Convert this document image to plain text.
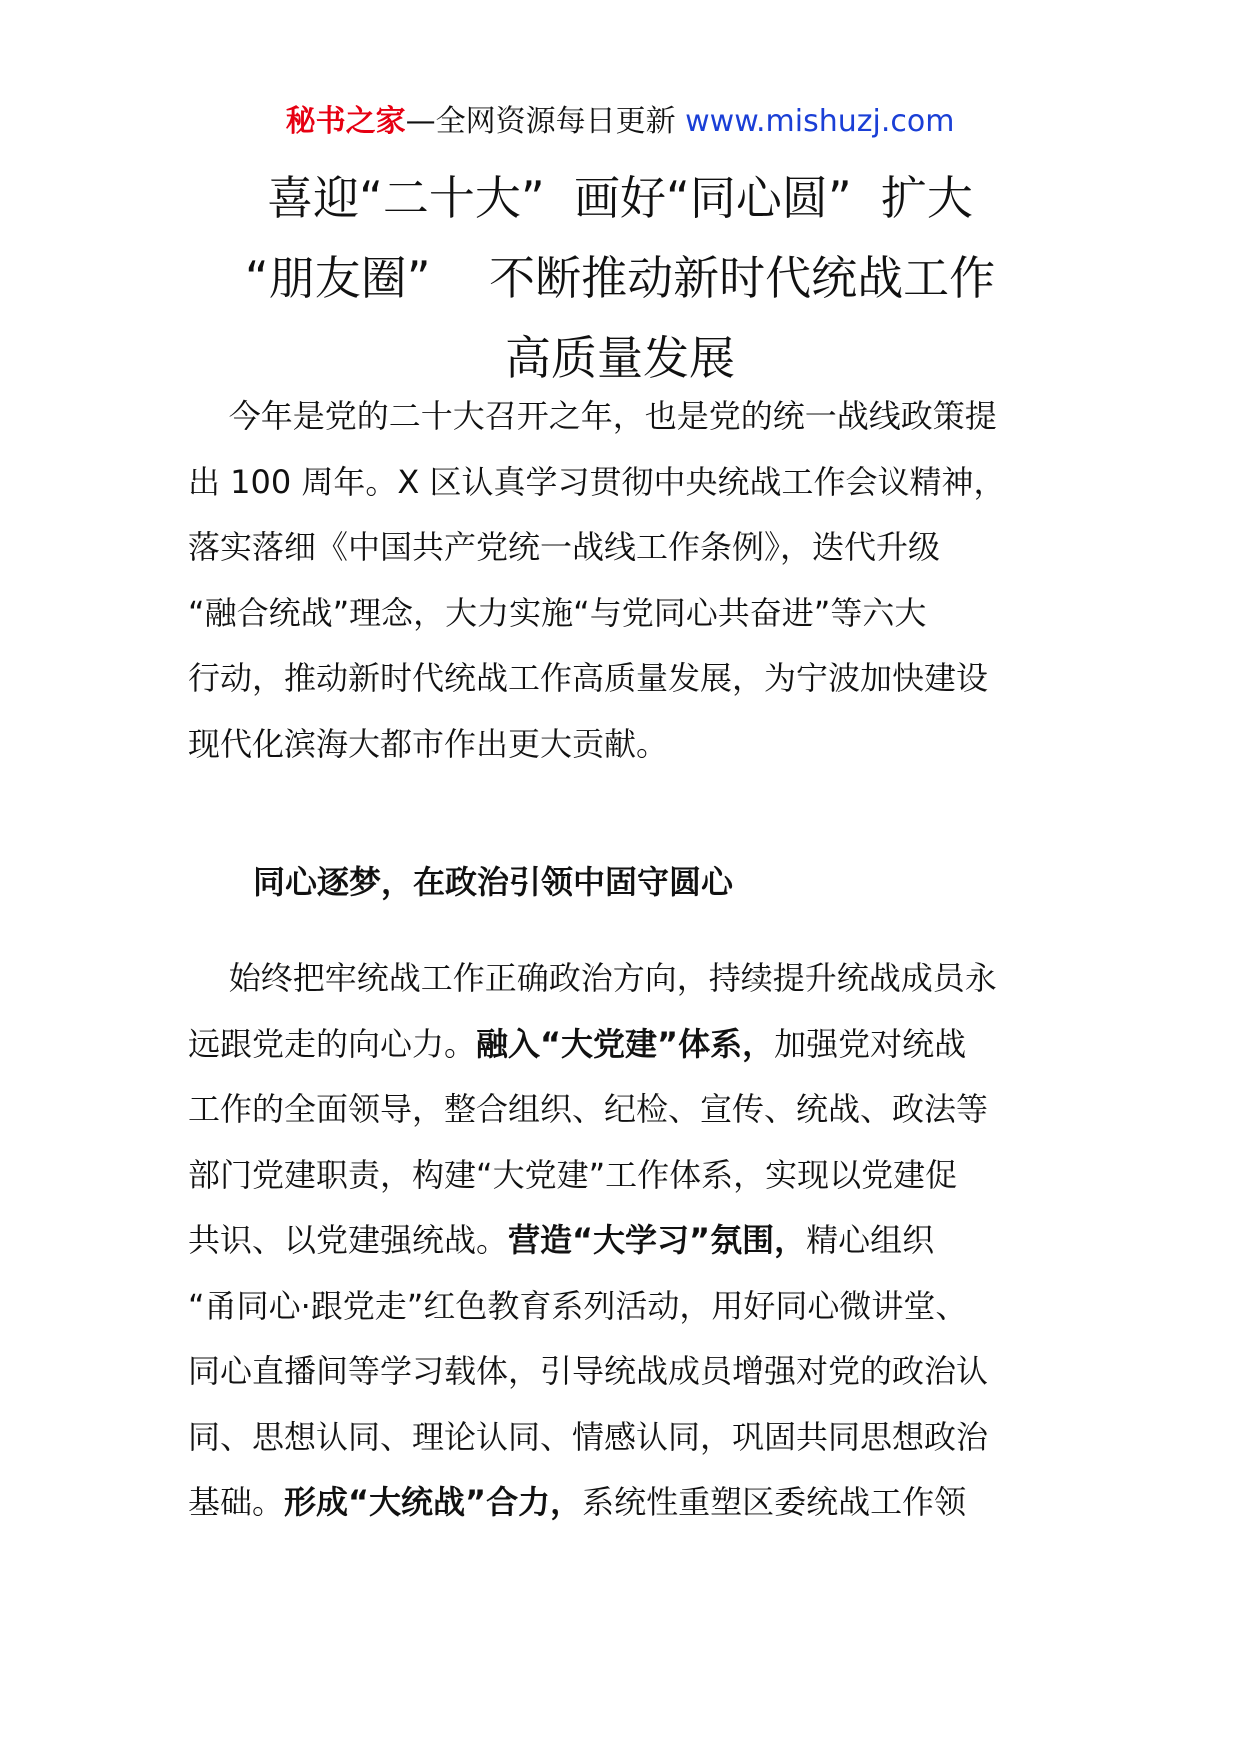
秘书之家—全网资源每日更新 www.mishuzj.com
喜迎“二十大”  画好“同心圆”  扩大
“朋友圈”    不断推动新时代统战工作
高质量发展
今年是党的二十大召开之年，也是党的统一战线政策提
出 100 周年。X 区认真学习贯彻中央统战工作会议精神，
落实落细《中国共产党统一战线工作条例》，迭代升级
“融合统战”理念，大力实施“与党同心共奋进”等六大
行动，推动新时代统战工作高质量发展，为宁波加快建设
现代化滨海大都市作出更大贡献。
同心逐梦，在政治引领中固守圆心
始终把牢统战工作正确政治方向，持续提升统战成员永
远跟党走的向心力。融入“大党建”体系，加强党对统战
工作的全面领导，整合组织、纪检、宣传、统战、政法等
部门党建职责，构建“大党建”工作体系，实现以党建促
共识、以党建强统战。营造“大学习”氛围，精心组织
“甬同心·跟党走”红色教育系列活动，用好同心微讲堂、
同心直播间等学习载体，引导统战成员增强对党的政治认
同、思想认同、理论认同、情感认同，巩固共同思想政治
基础。形成“大统战”合力，系统性重塑区委统战工作领
